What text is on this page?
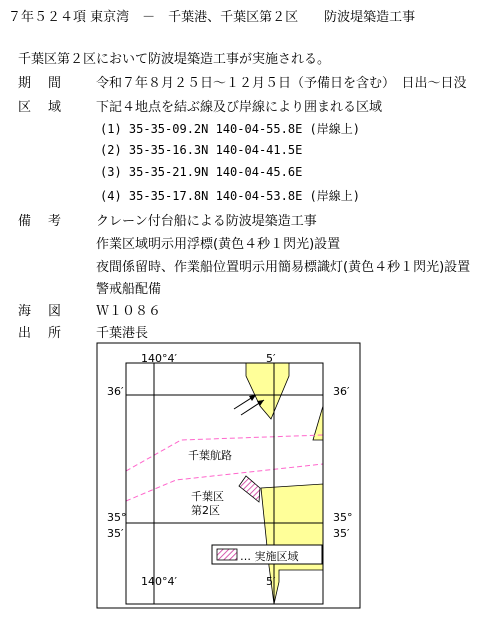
７年５２４項 東京湾　－　千葉港、千葉区第２区　　防波堤築造工事
千葉区第２区において防波堤築造工事が実施される。
期　間	令和７年８月２５日～１２月５日（予備日を含む）　日出～日没
区　域	下記４地点を結ぶ線及び岸線により囲まれる区域
(1) 35-35-09.2N 140-04-55.8E (岸線上)
(2) 35-35-16.3N 140-04-41.5E
(3) 35-35-21.9N 140-04-45.6E
(4) 35-35-17.8N 140-04-53.8E (岸線上)
備　考	クレーン付台船による防波堤築造工事
作業区域明示用浮標(黄色４秒１閃光)設置
夜間係留時、作業船位置明示用簡易標識灯(黄色４秒１閃光)設置
警戒船配備
海　図	Ｗ１０８６
出　所	千葉港長
140°4′	5′
140°4′	5′
36′	36′
35°
35′
35°
35′
千葉航路
千葉区
第2区
… 実施区域
